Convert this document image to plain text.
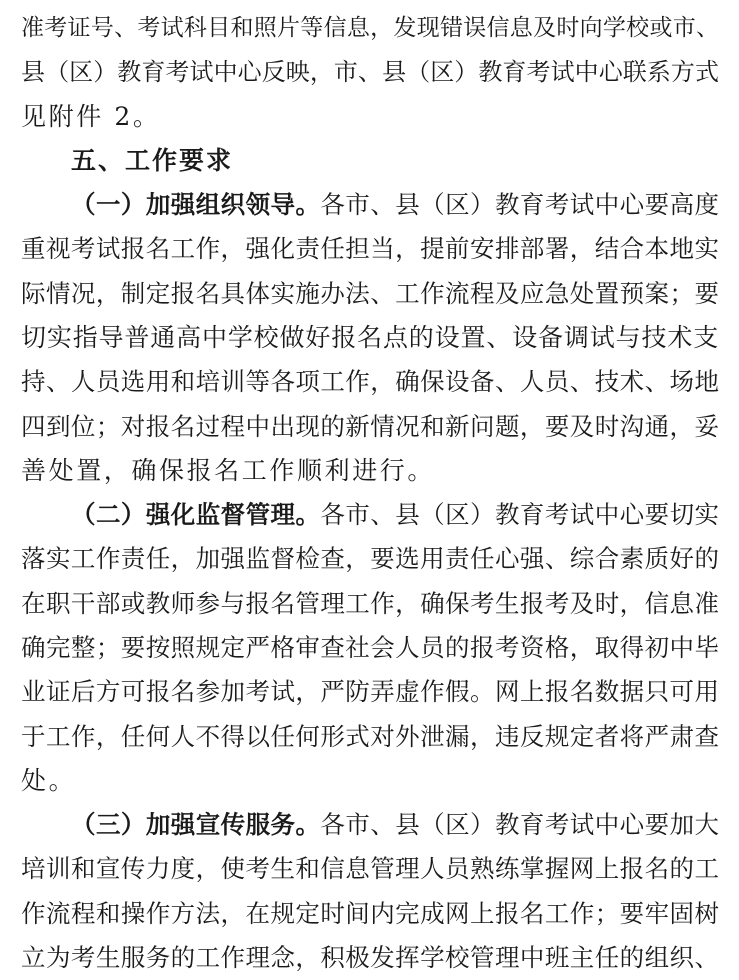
准考证号、考试科目和照片等信息，发现错误信息及时向学校或市、
县（区）教育考试中心反映，市、县（区）教育考试中心联系方式
见附件 2。
五、工作要求
（一）加强组织领导。各市、县（区）教育考试中心要高度
重视考试报名工作，强化责任担当，提前安排部署，结合本地实
际情况，制定报名具体实施办法、工作流程及应急处置预案；要
切实指导普通高中学校做好报名点的设置、设备调试与技术支
持、人员选用和培训等各项工作，确保设备、人员、技术、场地
四到位；对报名过程中出现的新情况和新问题，要及时沟通，妥
善处置，确保报名工作顺利进行。
（二）强化监督管理。各市、县（区）教育考试中心要切实
落实工作责任，加强监督检查，要选用责任心强、综合素质好的
在职干部或教师参与报名管理工作，确保考生报考及时，信息准
确完整；要按照规定严格审查社会人员的报考资格，取得初中毕
业证后方可报名参加考试，严防弄虚作假。网上报名数据只可用
于工作，任何人不得以任何形式对外泄漏，违反规定者将严肃查
处。
（三）加强宣传服务。各市、县（区）教育考试中心要加大
培训和宣传力度，使考生和信息管理人员熟练掌握网上报名的工
作流程和操作方法，在规定时间内完成网上报名工作；要牢固树
立为考生服务的工作理念，积极发挥学校管理中班主任的组织、
